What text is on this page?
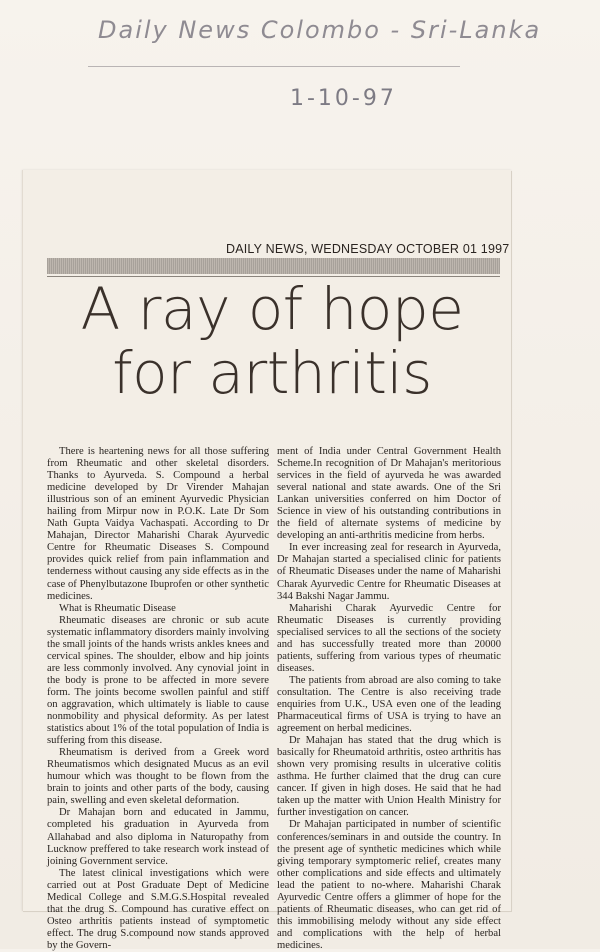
Daily News Colombo - Sri-Lanka
1-10-97
DAILY NEWS, WEDNESDAY OCTOBER 01 1997
A ray of hope
for arthritis

There is heartening news for all those suffering from Rheumatic and other skeletal disorders. Thanks to Ayurveda. S. Compound a herbal medicine developed by Dr Virender Mahajan illustrious son of an eminent Ayurvedic Physician hailing from Mirpur now in P.O.K. Late Dr Som Nath Gupta Vaidya Vachaspati. According to Dr Mahajan, Director Maharishi Charak Ayurvedic Centre for Rheumatic Diseases S. Compound provides quick relief from pain inflammation and tenderness without causing any side effects as in the case of Phenylbutazone Ibuprofen or other synthetic medicines.

What is Rheumatic Disease

Rheumatic diseases are chronic or sub acute systematic inflammatory disorders mainly involving the small joints of the hands wrists ankles knees and cervical spines. The shoulder, elbow and hip joints are less commonly involved. Any cynovial joint in the body is prone to be affected in more severe form. The joints become swollen painful and stiff on aggravation, which ultimately is liable to cause nonmobility and physical deformity. As per latest statistics about 1% of the total population of India is suffering from this disease.

Rheumatism is derived from a Greek word Rheumatismos which designated Mucus as an evil humour which was thought to be flown from the brain to joints and other parts of the body, causing pain, swelling and even skeletal deformation.

Dr Mahajan born and educated in Jammu, completed his graduation in Ayurveda from Allahabad and also diploma in Naturopathy from Lucknow preffered to take research work instead of joining Government service.

The latest clinical investigations which were carried out at Post Graduate Dept of Medicine Medical College and S.M.G.S.Hospital revealed that the drug S. Compound has curative effect on Osteo arthritis patients instead of symptometic effect. The drug S.compound now stands approved by the Govern-

ment of India under Central Government Health Scheme.In recognition of Dr Mahajan's meritorious services in the field of ayurveda he was awarded several national and state awards. One of the Sri Lankan universities conferred on him Doctor of Science in view of his outstanding contributions in the field of alternate systems of medicine by developing an anti-arthritis medicine from herbs.

In ever increasing zeal for research in Ayurveda, Dr Mahajan started a specialised clinic for patients of Rheumatic Diseases under the name of Maharishi Charak Ayurvedic Centre for Rheumatic Diseases at 344 Bakshi Nagar Jammu.

Maharishi Charak Ayurvedic Centre for Rheumatic Diseases is currently providing specialised services to all the sections of the society and has successfully treated more than 20000 patients, suffering from various types of rheumatic diseases.

The patients from abroad are also coming to take consultation. The Centre is also receiving trade enquiries from U.K., USA even one of the leading Pharmaceutical firms of USA is trying to have an agreement on herbal medicines.

Dr Mahajan has stated that the drug which is basically for Rheumatoid arthritis, osteo arthritis has shown very promising results in ulcerative colitis asthma. He further claimed that the drug can cure cancer. If given in high doses. He said that he had taken up the matter with Union Health Ministry for further investigation on cancer.

Dr Mahajan participated in number of scientific conferences/seminars in and outside the country. In the present age of synthetic medicines which while giving temporary symptomeric relief, creates many other complications and side effects and ultimately lead the patient to no-where. Maharishi Charak Ayurvedic Centre offers a glimmer of hope for the patients of Rheumatic diseases, who can get rid of this immobilising melody without any side effect and complications with the help of herbal medicines.
